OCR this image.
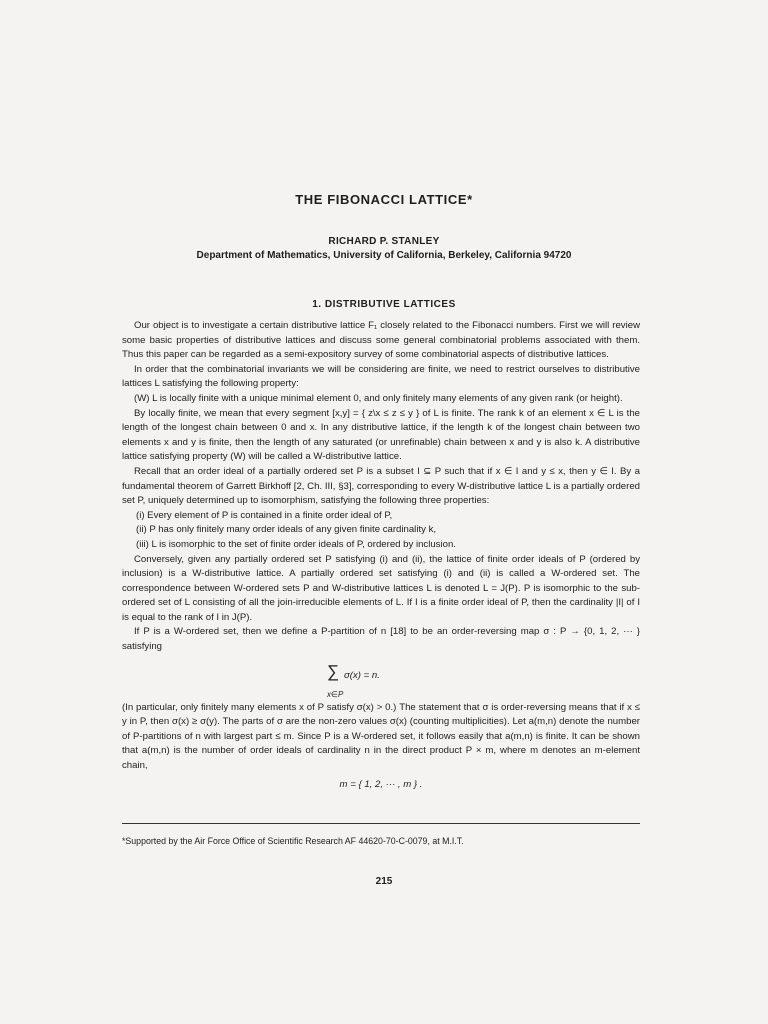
THE FIBONACCI LATTICE*
RICHARD P. STANLEY
Department of Mathematics, University of California, Berkeley, California 94720
1. DISTRIBUTIVE LATTICES

Our object is to investigate a certain distributive lattice F₁ closely related to the Fibonacci numbers. First we will review some basic properties of distributive lattices and discuss some general combinatorial problems associated with them. Thus this paper can be regarded as a semi-expository survey of some combinatorial aspects of distributive lattices.

In order that the combinatorial invariants we will be considering are finite, we need to restrict ourselves to distributive lattices L satisfying the following property:

(W) L is locally finite with a unique minimal element 0, and only finitely many elements of any given rank (or height).

By locally finite, we mean that every segment [x,y] = { z\x ≤ z ≤ y } of L is finite. The rank k of an element x ∈ L is the length of the longest chain between 0 and x. In any distributive lattice, if the length k of the longest chain between two elements x and y is finite, then the length of any saturated (or unrefinable) chain between x and y is also k. A distributive lattice satisfying property (W) will be called a W-distributive lattice.

Recall that an order ideal of a partially ordered set P is a subset I ⊆ P such that if x ∈ I and y ≤ x, then y ∈ I. By a fundamental theorem of Garrett Birkhoff [2, Ch. III, §3], corresponding to every W-distributive lattice L is a partially ordered set P, uniquely determined up to isomorphism, satisfying the following three properties:

(i) Every element of P is contained in a finite order ideal of P,

(ii) P has only finitely many order ideals of any given finite cardinality k,

(iii) L is isomorphic to the set of finite order ideals of P, ordered by inclusion.

Conversely, given any partially ordered set P satisfying (i) and (ii), the lattice of finite order ideals of P (ordered by inclusion) is a W-distributive lattice. A partially ordered set satisfying (i) and (ii) is called a W-ordered set. The correspondence between W-ordered sets P and W-distributive lattices L is denoted L = J(P). P is isomorphic to the sub-ordered set of L consisting of all the join-irreducible elements of L. If I is a finite order ideal of P, then the cardinality |I| of I is equal to the rank of I in J(P).

If P is a W-ordered set, then we define a P-partition of n [18] to be an order-reversing map σ : P → {0, 1, 2, ··· } satisfying

∑ σ(x) = n.
x∈P

(In particular, only finitely many elements x of P satisfy σ(x) > 0.) The statement that σ is order-reversing means that if x ≤ y in P, then σ(x) ≥ σ(y). The parts of σ are the non-zero values σ(x) (counting multiplicities). Let a(m,n) denote the number of P-partitions of n with largest part ≤ m. Since P is a W-ordered set, it follows easily that a(m,n) is finite. It can be shown that a(m,n) is the number of order ideals of cardinality n in the direct product P × m, where m denotes an m-element chain,

m = { 1, 2, ··· , m } .
*Supported by the Air Force Office of Scientific Research AF 44620-70-C-0079, at M.I.T.
215
